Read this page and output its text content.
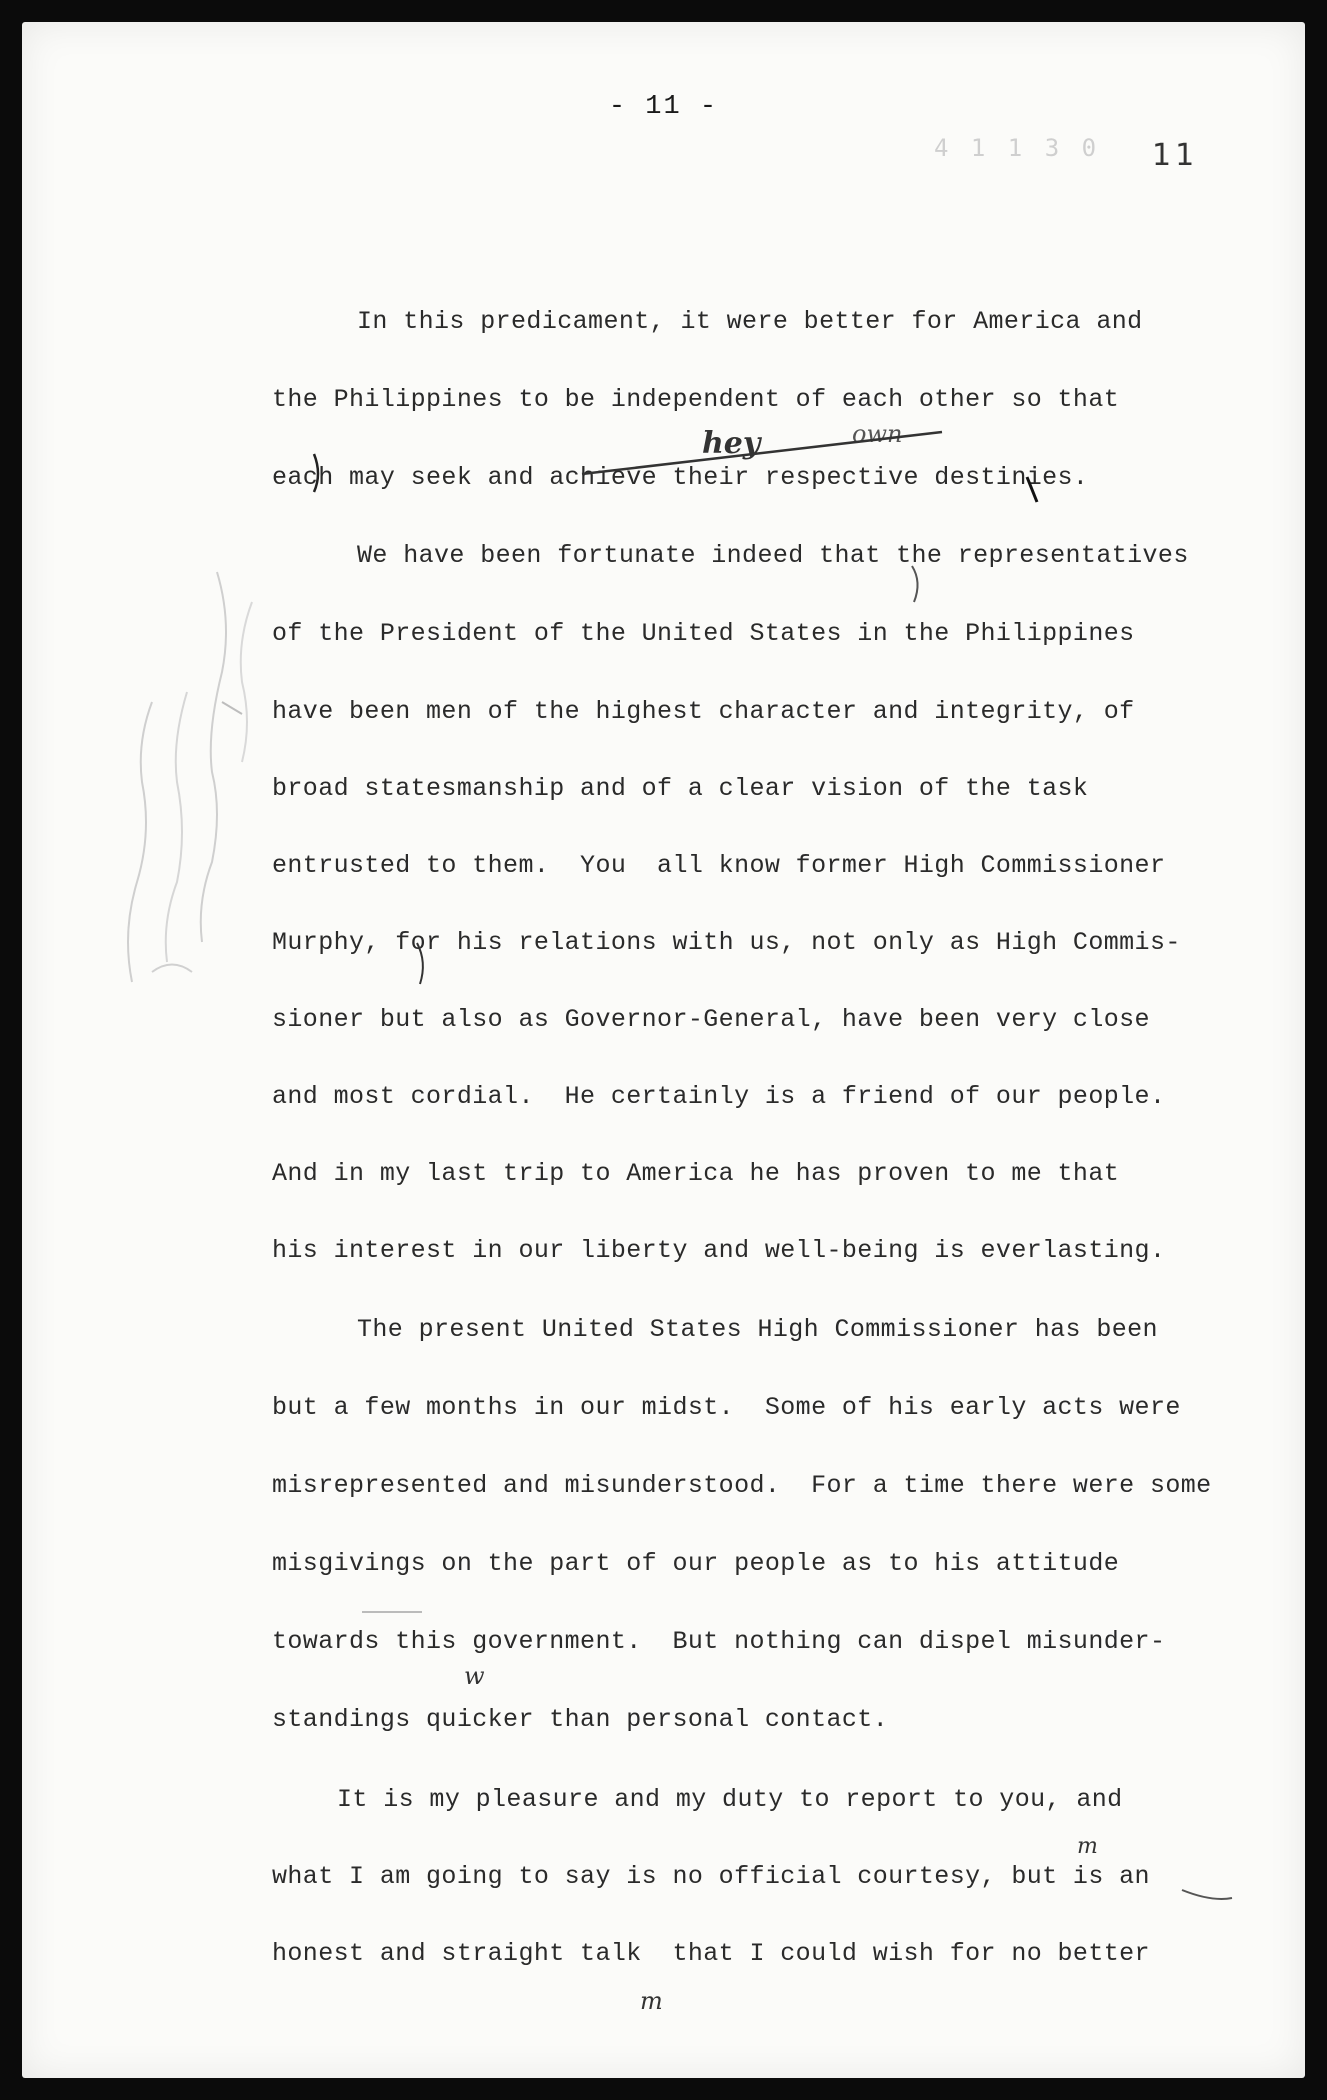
- 11 -
4 1 1 3 0 11
In this predicament, it were better for America and
the Philippines to be independent of each other so that
each may seek and achieve their respective destinies.
We have been fortunate indeed that the representatives
of the President of the United States in the Philippines
have been men of the highest character and integrity, of
broad statesmanship and of a clear vision of the task
entrusted to them.  You  all know former High Commissioner
Murphy, for his relations with us, not only as High Commis-
sioner but also as Governor-General, have been very close
and most cordial.  He certainly is a friend of our people.
And in my last trip to America he has proven to me that
his interest in our liberty and well-being is everlasting.
The present United States High Commissioner has been
but a few months in our midst.  Some of his early acts were
misrepresented and misunderstood.  For a time there were some
misgivings on the part of our people as to his attitude
towards this government.  But nothing can dispel misunder-
standings quicker than personal contact.
It is my pleasure and my duty to report to you, and
what I am going to say is no official courtesy, but is an
honest and straight talk  that I could wish for no better
hey	own
m
m
w
